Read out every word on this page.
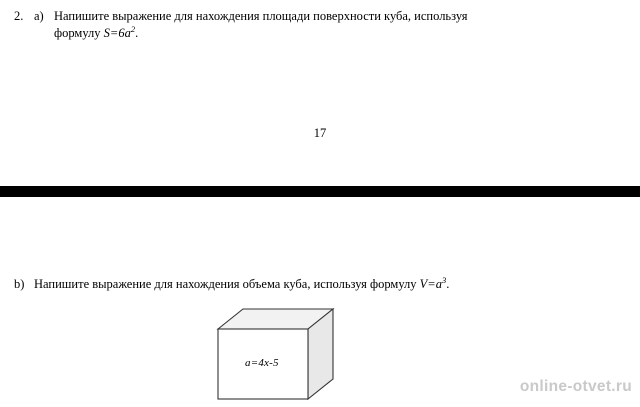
2. а) Напишите выражение для нахождения площади поверхности куба, используя
формулу $S=6a^2$.
17
b) Напишите выражение для нахождения объема куба, используя формулу $V=a^3$.
a=4x-5
online-otvet.ru
